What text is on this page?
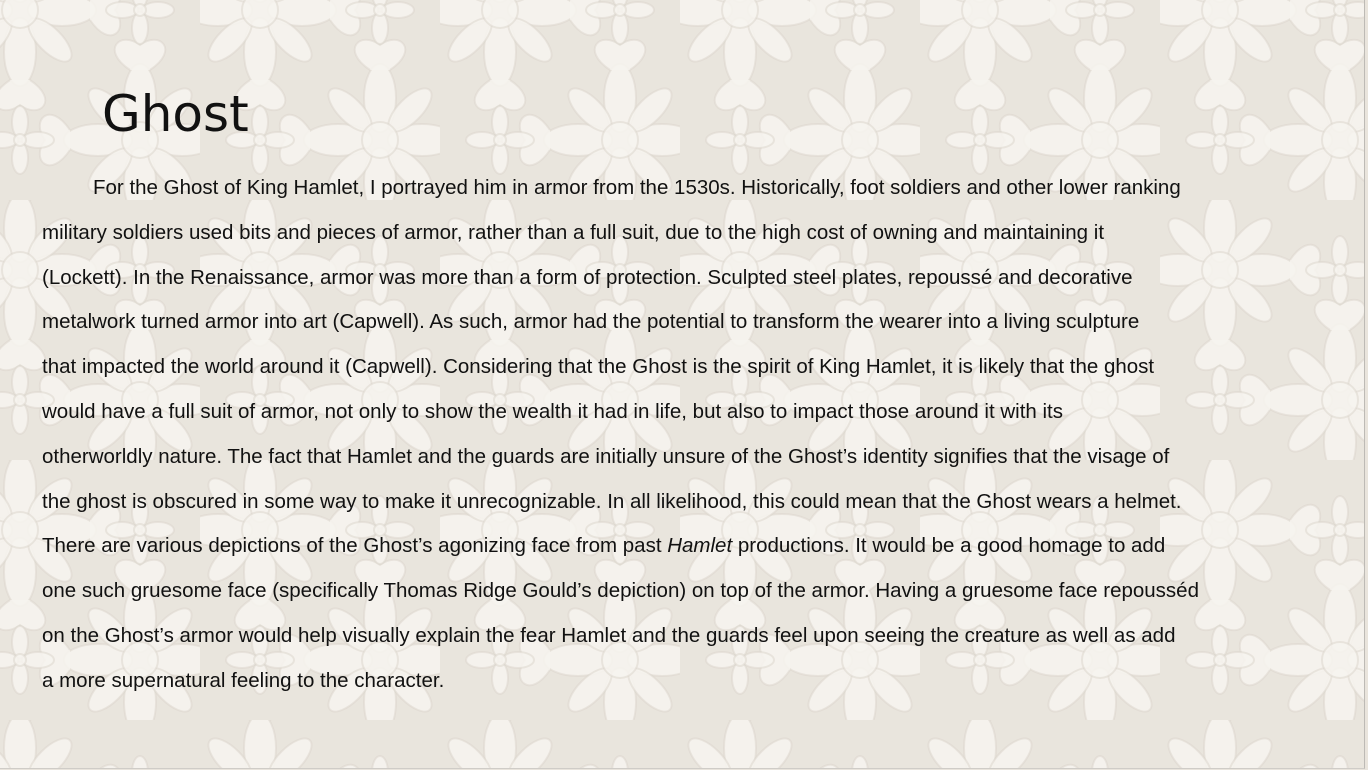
Ghost
For the Ghost of King Hamlet, I portrayed him in armor from the 1530s. Historically, foot soldiers and other lower ranking
military soldiers used bits and pieces of armor, rather than a full suit, due to the high cost of owning and maintaining it
(Lockett). In the Renaissance, armor was more than a form of protection. Sculpted steel plates, repoussé and decorative
metalwork turned armor into art (Capwell). As such, armor had the potential to transform the wearer into a living sculpture
that impacted the world around it (Capwell). Considering that the Ghost is the spirit of King Hamlet, it is likely that the ghost
would have a full suit of armor, not only to show the wealth it had in life, but also to impact those around it with its
otherworldly nature. The fact that Hamlet and the guards are initially unsure of the Ghost’s identity signifies that the visage of
the ghost is obscured in some way to make it unrecognizable. In all likelihood, this could mean that the Ghost wears a helmet.
There are various depictions of the Ghost’s agonizing face from past Hamlet productions. It would be a good homage to add
one such gruesome face (specifically Thomas Ridge Gould’s depiction) on top of the armor. Having a gruesome face repousséd
on the Ghost’s armor would help visually explain the fear Hamlet and the guards feel upon seeing the creature as well as add
a more supernatural feeling to the character.
